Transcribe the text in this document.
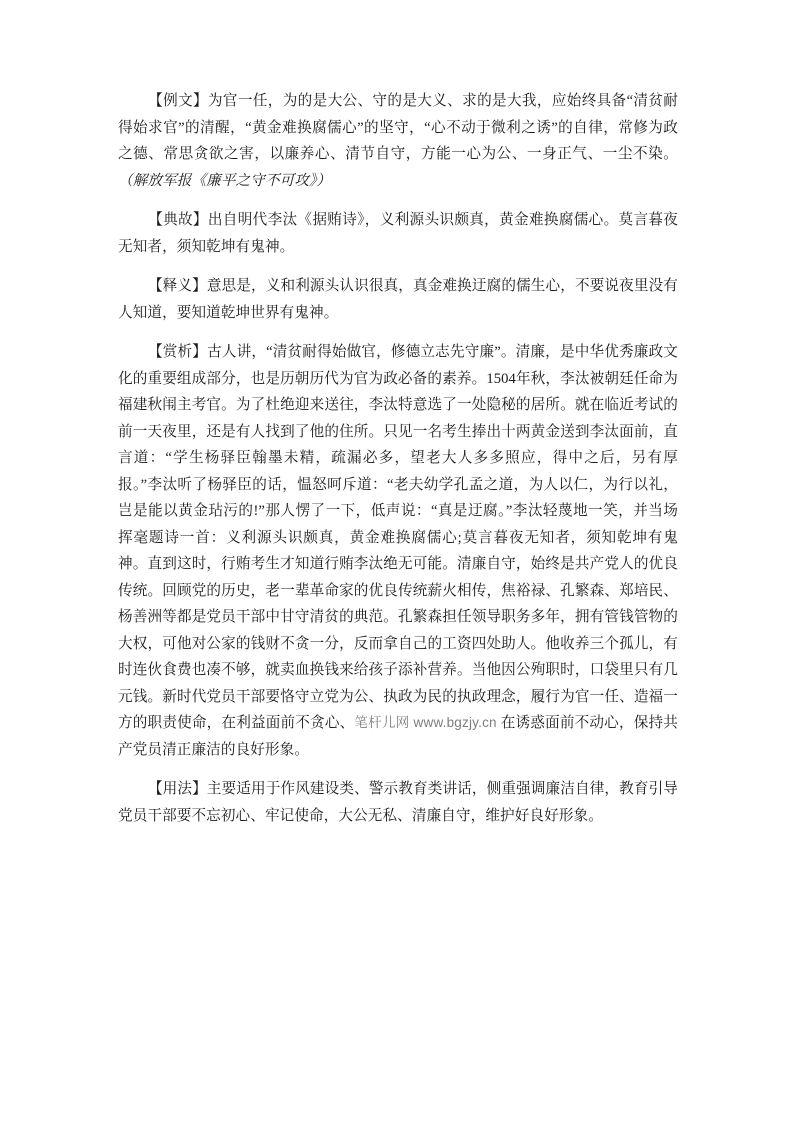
【例文】为官一任，为的是大公、守的是大义、求的是大我，应始终具备“清贫耐得始求官”的清醒，“黄金难换腐儒心”的坚守，“心不动于微利之诱”的自律，常修为政之德、常思贪欲之害，以廉养心、清节自守，方能一心为公、一身正气、一尘不染。（解放军报《廉平之守不可攻》）

【典故】出自明代李汰《据贿诗》，义利源头识颇真，黄金难换腐儒心。莫言暮夜无知者，须知乾坤有鬼神。

【释义】意思是，义和利源头认识很真，真金难换迂腐的儒生心，不要说夜里没有人知道，要知道乾坤世界有鬼神。

【赏析】古人讲，“清贫耐得始做官，修德立志先守廉”。清廉，是中华优秀廉政文化的重要组成部分，也是历朝历代为官为政必备的素养。1504年秋，李汰被朝廷任命为福建秋闱主考官。为了杜绝迎来送往，李汰特意选了一处隐秘的居所。就在临近考试的前一天夜里，还是有人找到了他的住所。只见一名考生捧出十两黄金送到李汰面前，直言道：“学生杨驿臣翰墨未精，疏漏必多，望老大人多多照应，得中之后，另有厚报。”李汰听了杨驿臣的话，愠怒呵斥道：“老夫幼学孔孟之道，为人以仁，为行以礼，岂是能以黄金玷污的!”那人愣了一下，低声说：“真是迂腐。”李汰轻蔑地一笑，并当场挥毫题诗一首：义利源头识颇真，黄金难换腐儒心;莫言暮夜无知者，须知乾坤有鬼神。直到这时，行贿考生才知道行贿李汰绝无可能。清廉自守，始终是共产党人的优良传统。回顾党的历史，老一辈革命家的优良传统薪火相传，焦裕禄、孔繁森、郑培民、杨善洲等都是党员干部中甘守清贫的典范。孔繁森担任领导职务多年，拥有管钱管物的大权，可他对公家的钱财不贪一分，反而拿自己的工资四处助人。他收养三个孤儿，有时连伙食费也凑不够，就卖血换钱来给孩子添补营养。当他因公殉职时，口袋里只有几元钱。新时代党员干部要恪守立党为公、执政为民的执政理念，履行为官一任、造福一方的职责使命，在利益面前不贪心、笔杆儿网 www.bgzjy.cn 在诱惑面前不动心，保持共产党员清正廉洁的良好形象。

【用法】主要适用于作风建设类、警示教育类讲话，侧重强调廉洁自律，教育引导党员干部要不忘初心、牢记使命，大公无私、清廉自守，维护好良好形象。
